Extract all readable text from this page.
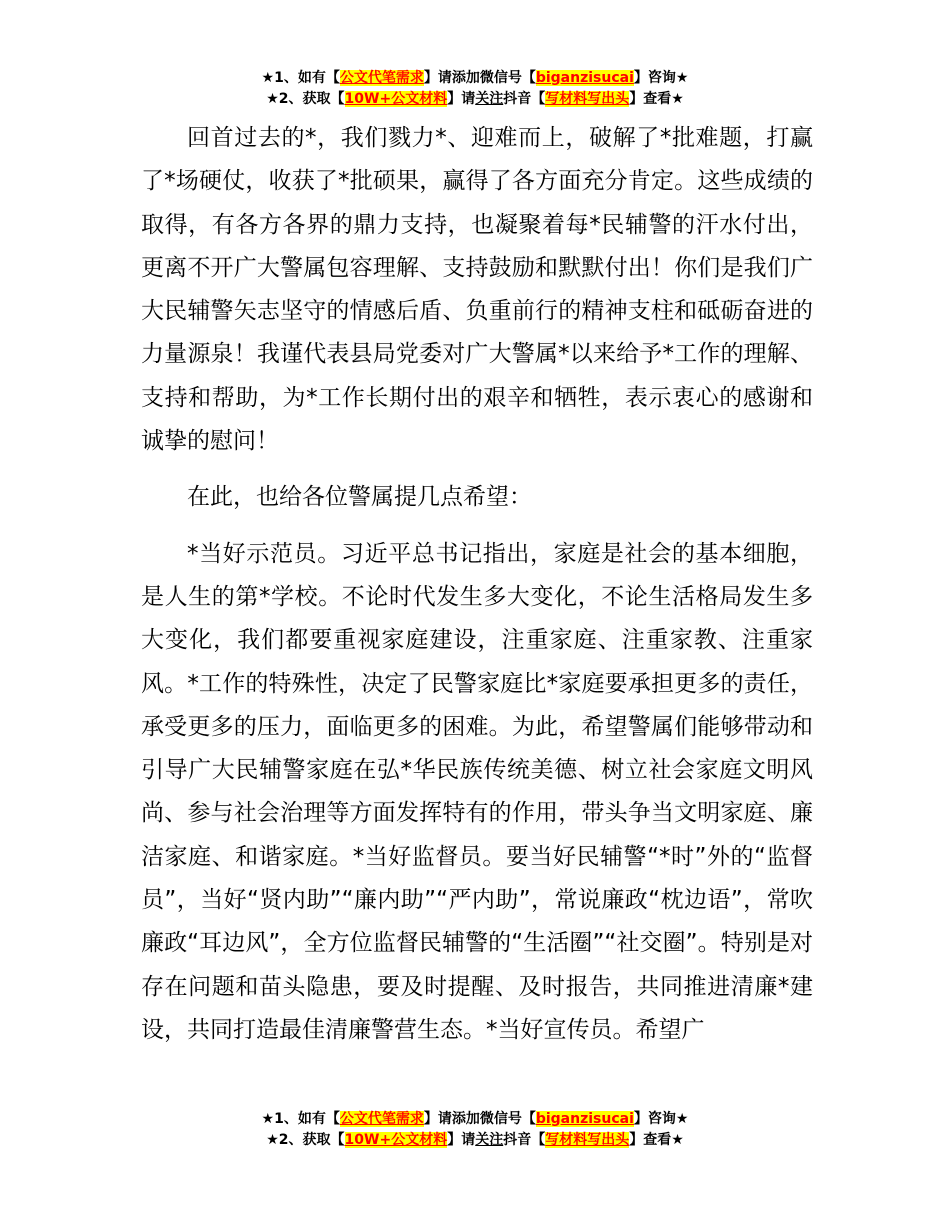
★1、如有【公文代笔需求】请添加微信号【biganzisucai】咨询★
★2、获取【10W+公文材料】请关注抖音【写材料写出头】查看★

回首过去的*，我们戮力*、迎难而上，破解了*批难题，打赢了*场硬仗，收获了*批硕果，赢得了各方面充分肯定。这些成绩的取得，有各方各界的鼎力支持，也凝聚着每*民辅警的汗水付出，更离不开广大警属包容理解、支持鼓励和默默付出！你们是我们广大民辅警矢志坚守的情感后盾、负重前行的精神支柱和砥砺奋进的力量源泉！我谨代表县局党委对广大警属*以来给予*工作的理解、支持和帮助，为*工作长期付出的艰辛和牺牲，表示衷心的感谢和诚挚的慰问！

在此，也给各位警属提几点希望：

*当好示范员。习近平总书记指出，家庭是社会的基本细胞，是人生的第*学校。不论时代发生多大变化，不论生活格局发生多大变化，我们都要重视家庭建设，注重家庭、注重家教、注重家风。*工作的特殊性，决定了民警家庭比*家庭要承担更多的责任，承受更多的压力，面临更多的困难。为此，希望警属们能够带动和引导广大民辅警家庭在弘*华民族传统美德、树立社会家庭文明风尚、参与社会治理等方面发挥特有的作用，带头争当文明家庭、廉洁家庭、和谐家庭。*当好监督员。要当好民辅警“*时”外的“监督员”，当好“贤内助”“廉内助”“严内助”，常说廉政“枕边语”，常吹廉政“耳边风”，全方位监督民辅警的“生活圈”“社交圈”。特别是对存在问题和苗头隐患，要及时提醒、及时报告，共同推进清廉*建设，共同打造最佳清廉警营生态。*当好宣传员。希望广

★1、如有【公文代笔需求】请添加微信号【biganzisucai】咨询★
★2、获取【10W+公文材料】请关注抖音【写材料写出头】查看★
